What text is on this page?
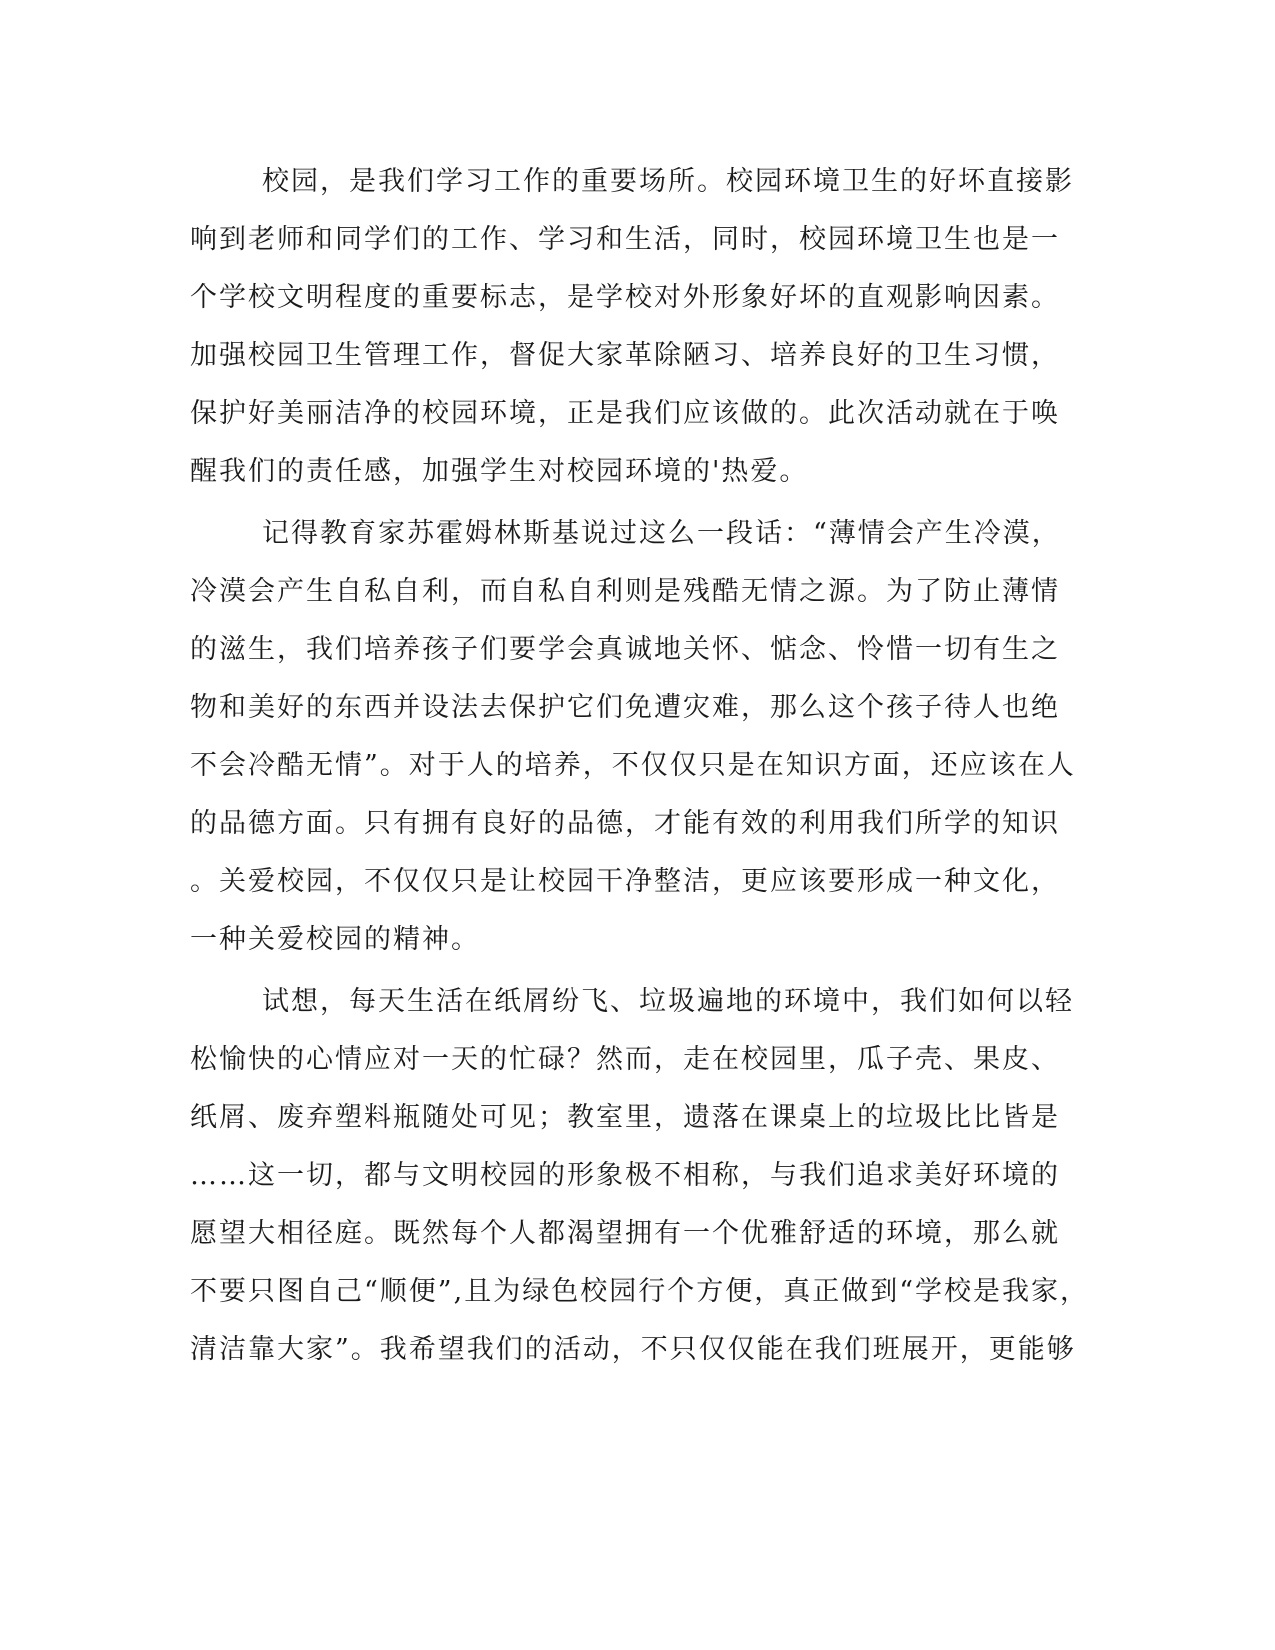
校园，是我们学习工作的重要场所。校园环境卫生的好坏直接影

响到老师和同学们的工作、学习和生活，同时，校园环境卫生也是一

个学校文明程度的重要标志，是学校对外形象好坏的直观影响因素。

加强校园卫生管理工作，督促大家革除陋习、培养良好的卫生习惯，

保护好美丽洁净的校园环境，正是我们应该做的。此次活动就在于唤

醒我们的责任感，加强学生对校园环境的'热爱。

记得教育家苏霍姆林斯基说过这么一段话：“薄情会产生冷漠，

冷漠会产生自私自利，而自私自利则是残酷无情之源。为了防止薄情

的滋生，我们培养孩子们要学会真诚地关怀、惦念、怜惜一切有生之

物和美好的东西并设法去保护它们免遭灾难，那么这个孩子待人也绝

不会冷酷无情”。对于人的培养，不仅仅只是在知识方面，还应该在人

的品德方面。只有拥有良好的品德，才能有效的利用我们所学的知识

。关爱校园，不仅仅只是让校园干净整洁，更应该要形成一种文化，

一种关爱校园的精神。

试想，每天生活在纸屑纷飞、垃圾遍地的环境中，我们如何以轻

松愉快的心情应对一天的忙碌？然而，走在校园里，瓜子壳、果皮、

纸屑、废弃塑料瓶随处可见；教室里，遗落在课桌上的垃圾比比皆是

……这一切，都与文明校园的形象极不相称，与我们追求美好环境的

愿望大相径庭。既然每个人都渴望拥有一个优雅舒适的环境，那么就

不要只图自己“顺便”,且为绿色校园行个方便，真正做到“学校是我家，

清洁靠大家”。我希望我们的活动，不只仅仅能在我们班展开，更能够
